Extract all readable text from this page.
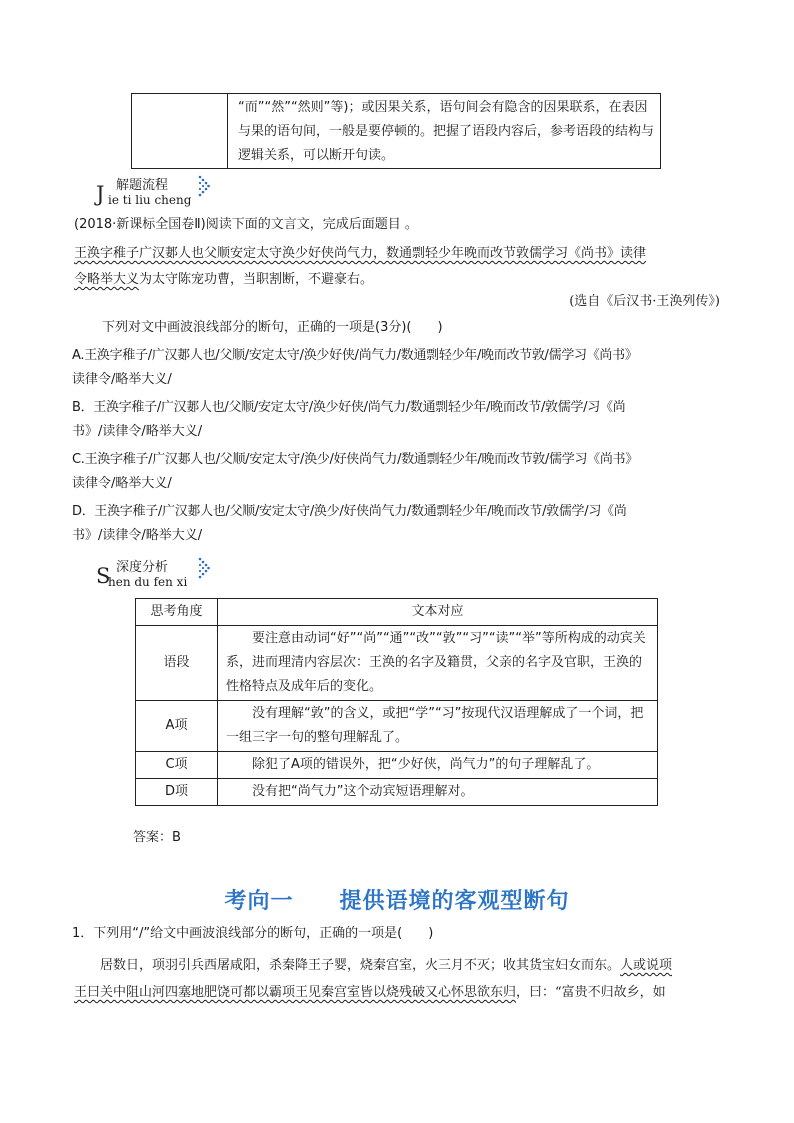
“而”“然”“然则”等)；或因果关系，语句间会有隐含的因果联系，在表因与果的语句间，一般是要停顿的。把握了语段内容后，参考语段的结构与逻辑关系，可以断开句读。
J 解题流程
ie ti liu cheng
(2018·新课标全国卷Ⅱ)阅读下面的文言文，完成后面题目 。
王涣字稚子广汉郪人也父顺安定太守涣少好侠尚气力，数通剽轻少年晚而改节敦儒学习《尚书》读律
令略举大义为太守陈宠功曹，当职割断，不避豪右。
(选自《后汉书·王涣列传》)
下列对文中画波浪线部分的断句，正确的一项是(3分)(　　)
A.王涣字稚子/广汉郪人也/父顺/安定太守/涣少好侠/尚气力/数通剽轻少年/晚而改节敦/儒学习《尚书》
读律令/略举大义/
B．王涣字稚子/广汉郪人也/父顺/安定太守/涣少好侠/尚气力/数通剽轻少年/晚而改节/敦儒学/习《尚
书》/读律令/略举大义/
C.王涣字稚子/广汉郪人也/父顺/安定太守/涣少/好侠尚气力/数通剽轻少年/晚而改节敦/儒学习《尚书》
读律令/略举大义/
D．王涣字稚子/广汉郪人也/父顺/安定太守/涣少/好侠尚气力/数通剽轻少年/晚而改节/敦儒学/习《尚
书》/读律令/略举大义/
S 深度分析
hen du fen xi
思考角度	文本对应
语段	要注意由动词“好”“尚”“通”“改”“敦”“习”“读”“举”等所构成的动宾关系，进而理清内容层次：王涣的名字及籍贯，父亲的名字及官职，王涣的性格特点及成年后的变化。
A项	没有理解“敦”的含义，或把“学”“习”按现代汉语理解成了一个词，把一组三字一句的整句理解乱了。
C项	除犯了A项的错误外，把“少好侠，尚气力”的句子理解乱了。
D项	没有把“尚气力”这个动宾短语理解对。
答案：B
考向一 提供语境的客观型断句
1．下列用“/”给文中画波浪线部分的断句，正确的一项是(　　)
居数日，项羽引兵西屠咸阳，杀秦降王子婴，烧秦宫室，火三月不灭；收其货宝妇女而东。人或说项
王曰关中阻山河四塞地肥饶可都以霸项王见秦宫室皆以烧残破又心怀思欲东归，曰：“富贵不归故乡，如
